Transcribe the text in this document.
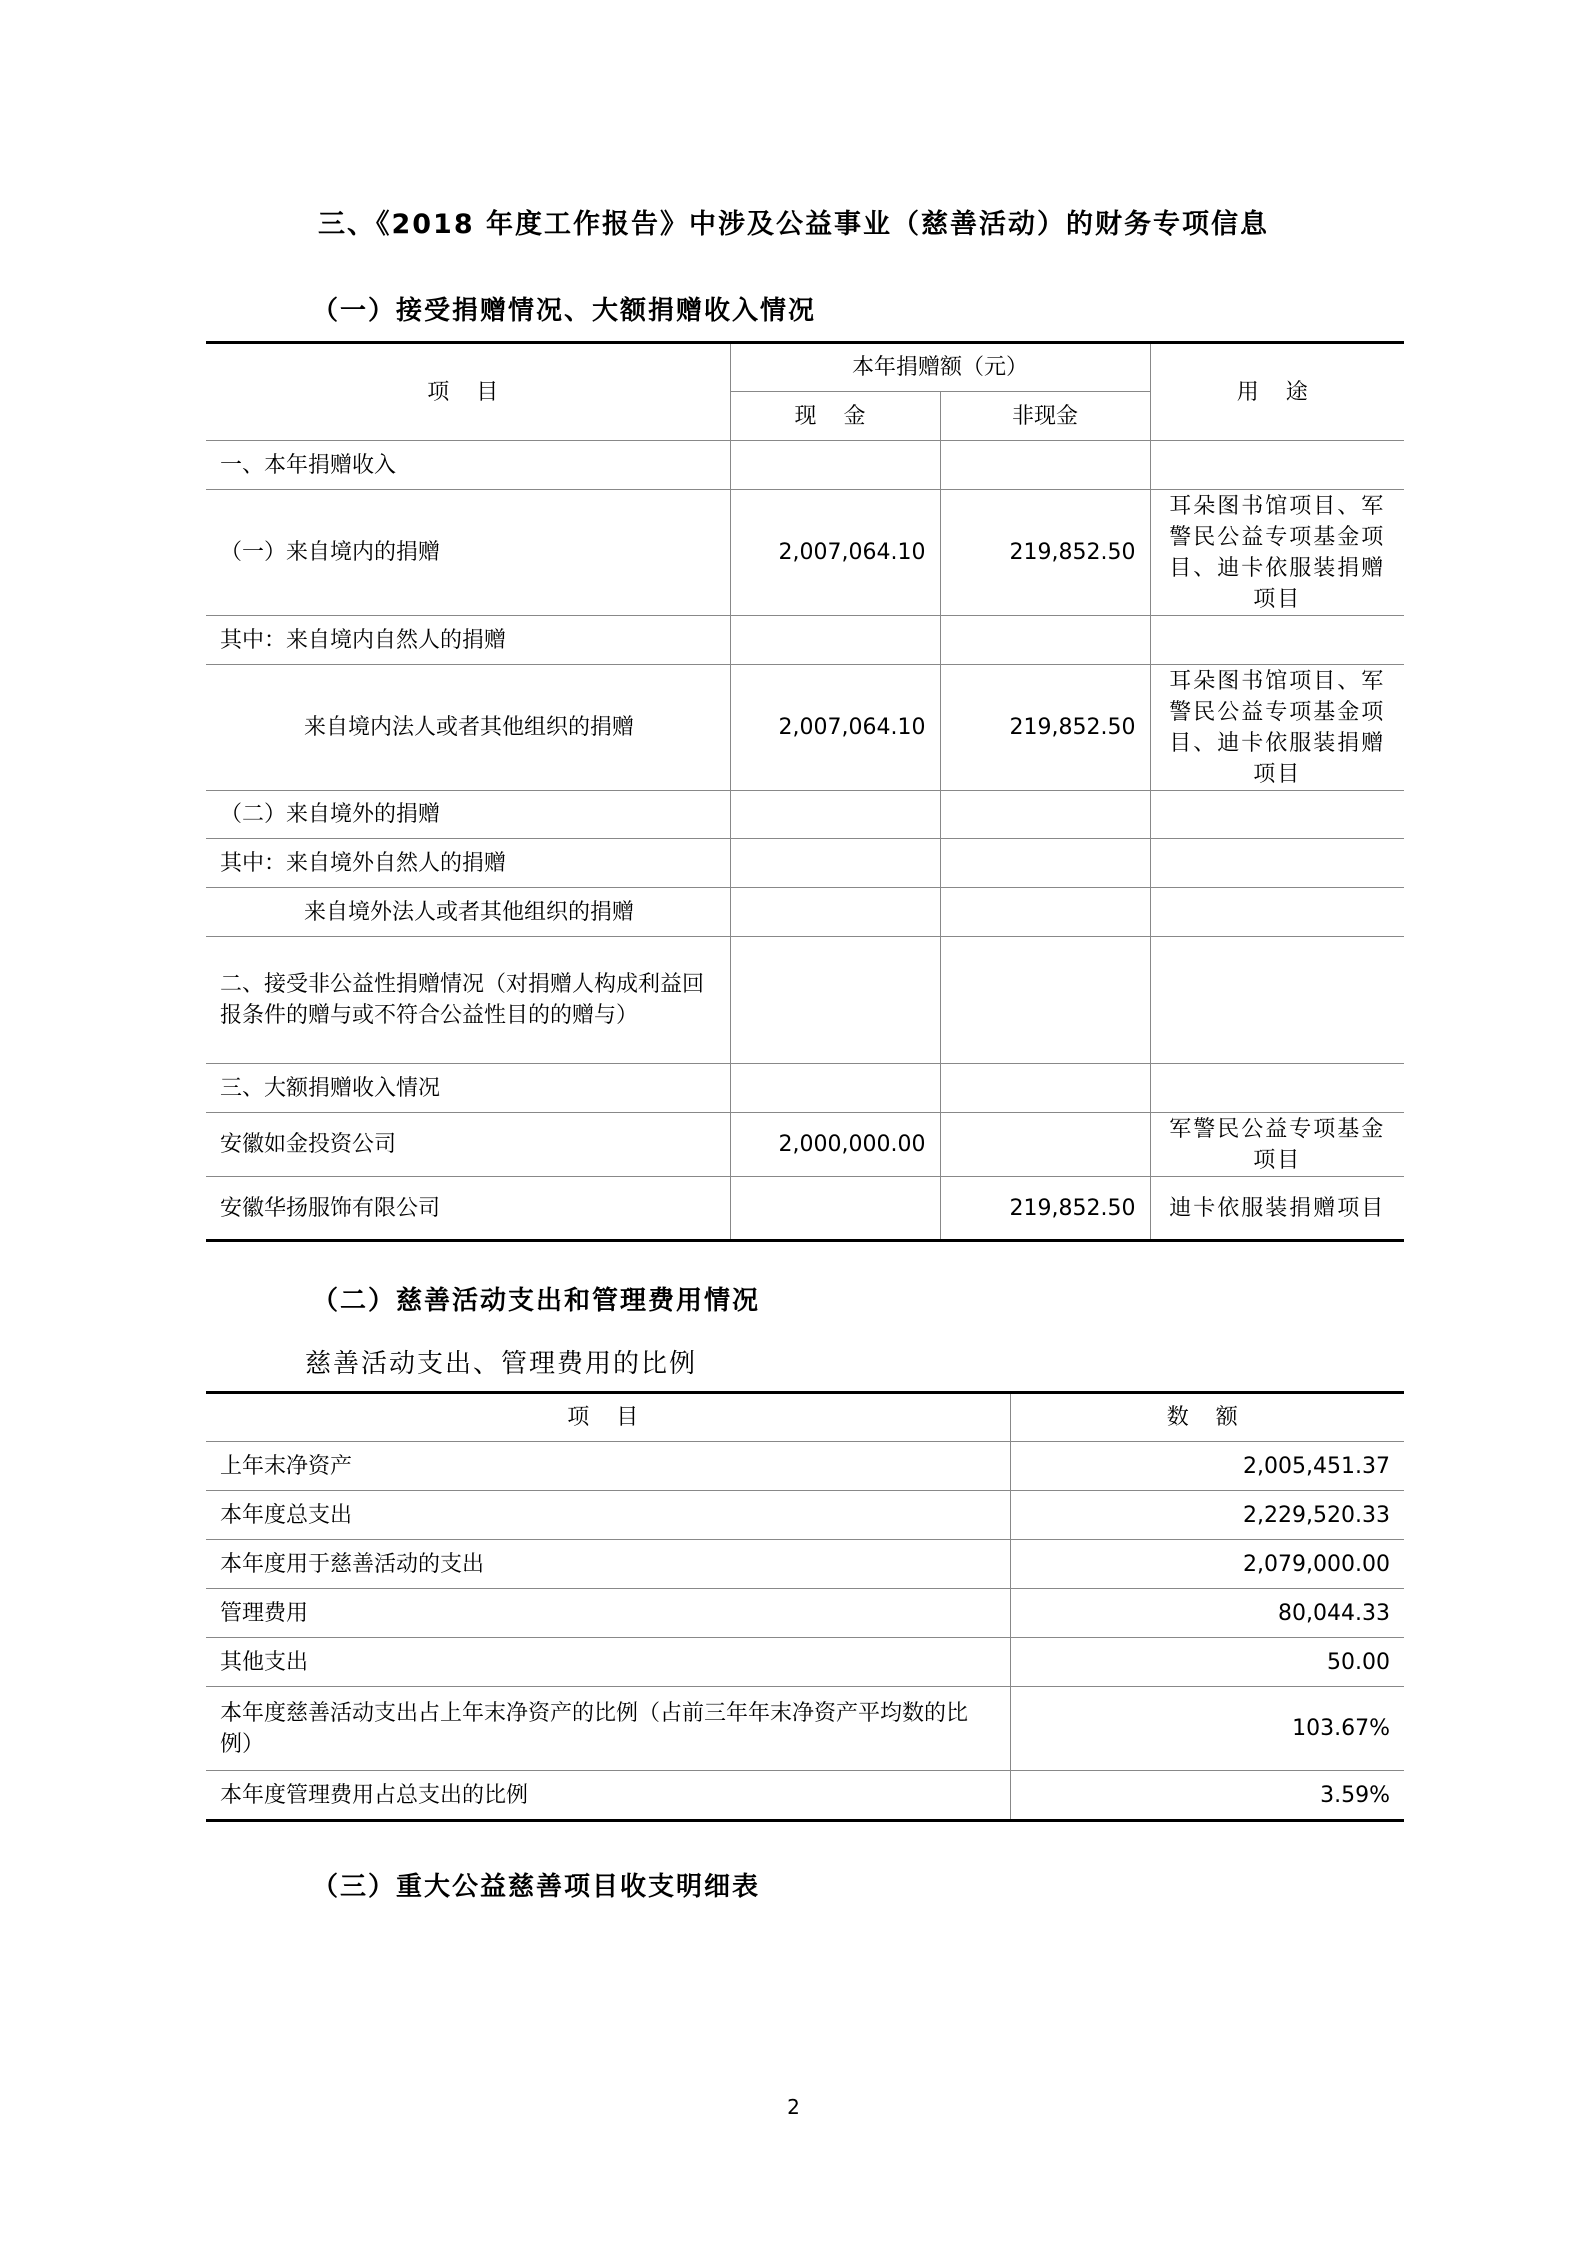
三、《2018 年度工作报告》中涉及公益事业（慈善活动）的财务专项信息
（一）接受捐赠情况、大额捐赠收入情况
项 目	本年捐赠额（元）		用 途
	现 金	非现金	
一、本年捐赠收入			
（一）来自境内的捐赠	2,007,064.10	219,852.50	耳朵图书馆项目、军警民公益专项基金项目、迪卡依服装捐赠项目
其中：来自境内自然人的捐赠			
来自境内法人或者其他组织的捐赠	2,007,064.10	219,852.50	耳朵图书馆项目、军警民公益专项基金项目、迪卡依服装捐赠项目
（二）来自境外的捐赠			
其中：来自境外自然人的捐赠			
来自境外法人或者其他组织的捐赠			
二、接受非公益性捐赠情况（对捐赠人构成利益回报条件的赠与或不符合公益性目的的赠与）			
三、大额捐赠收入情况			
安徽如金投资公司	2,000,000.00		军警民公益专项基金项目
安徽华扬服饰有限公司		219,852.50	迪卡依服装捐赠项目
（二）慈善活动支出和管理费用情况
慈善活动支出、管理费用的比例
项 目	数 额
上年末净资产	2,005,451.37
本年度总支出	2,229,520.33
本年度用于慈善活动的支出	2,079,000.00
管理费用	80,044.33
其他支出	50.00
本年度慈善活动支出占上年末净资产的比例（占前三年年末净资产平均数的比例）	103.67%
本年度管理费用占总支出的比例	3.59%
（三）重大公益慈善项目收支明细表
2
